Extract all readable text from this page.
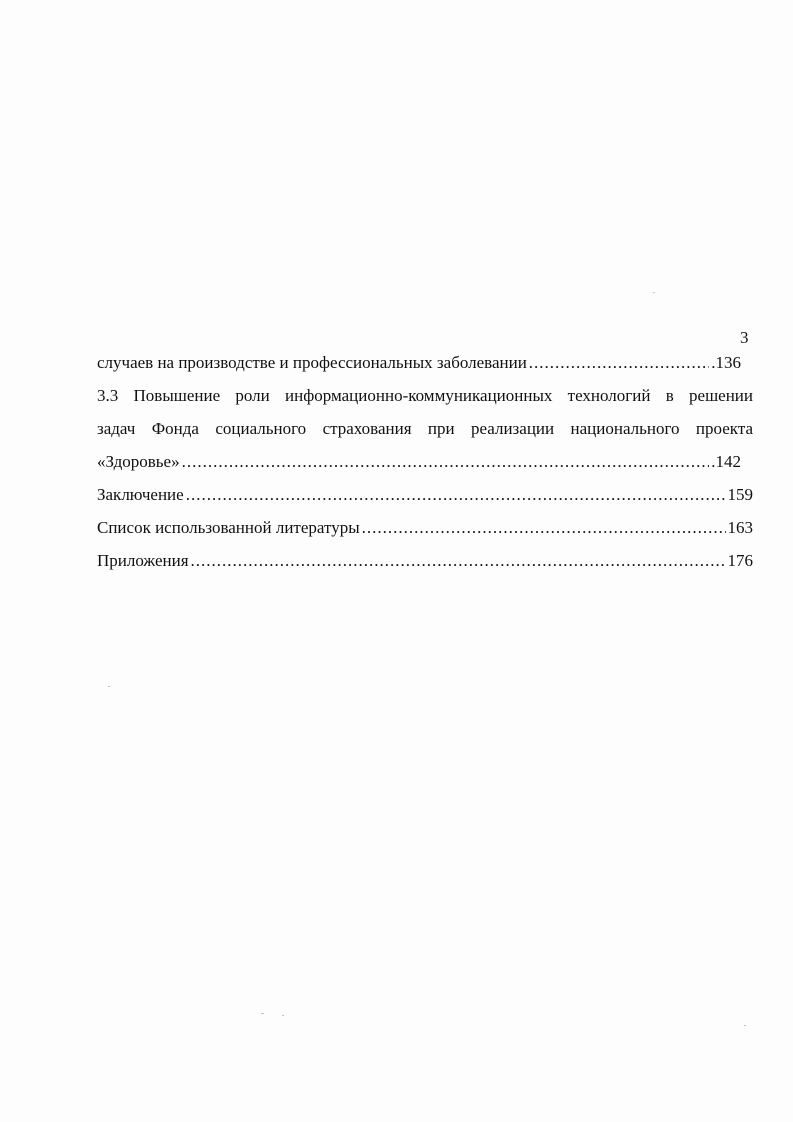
3
случаев на производстве и профессиональных заболевании .....	.136
3.3 Повышение роли информационно-коммуникационных технологий в решении
задач Фонда социального страхования при реализации национального проекта
«Здоровье» .....	.142
Заключение .....	159
Список использованной литературы .....	163
Приложения .....	176
